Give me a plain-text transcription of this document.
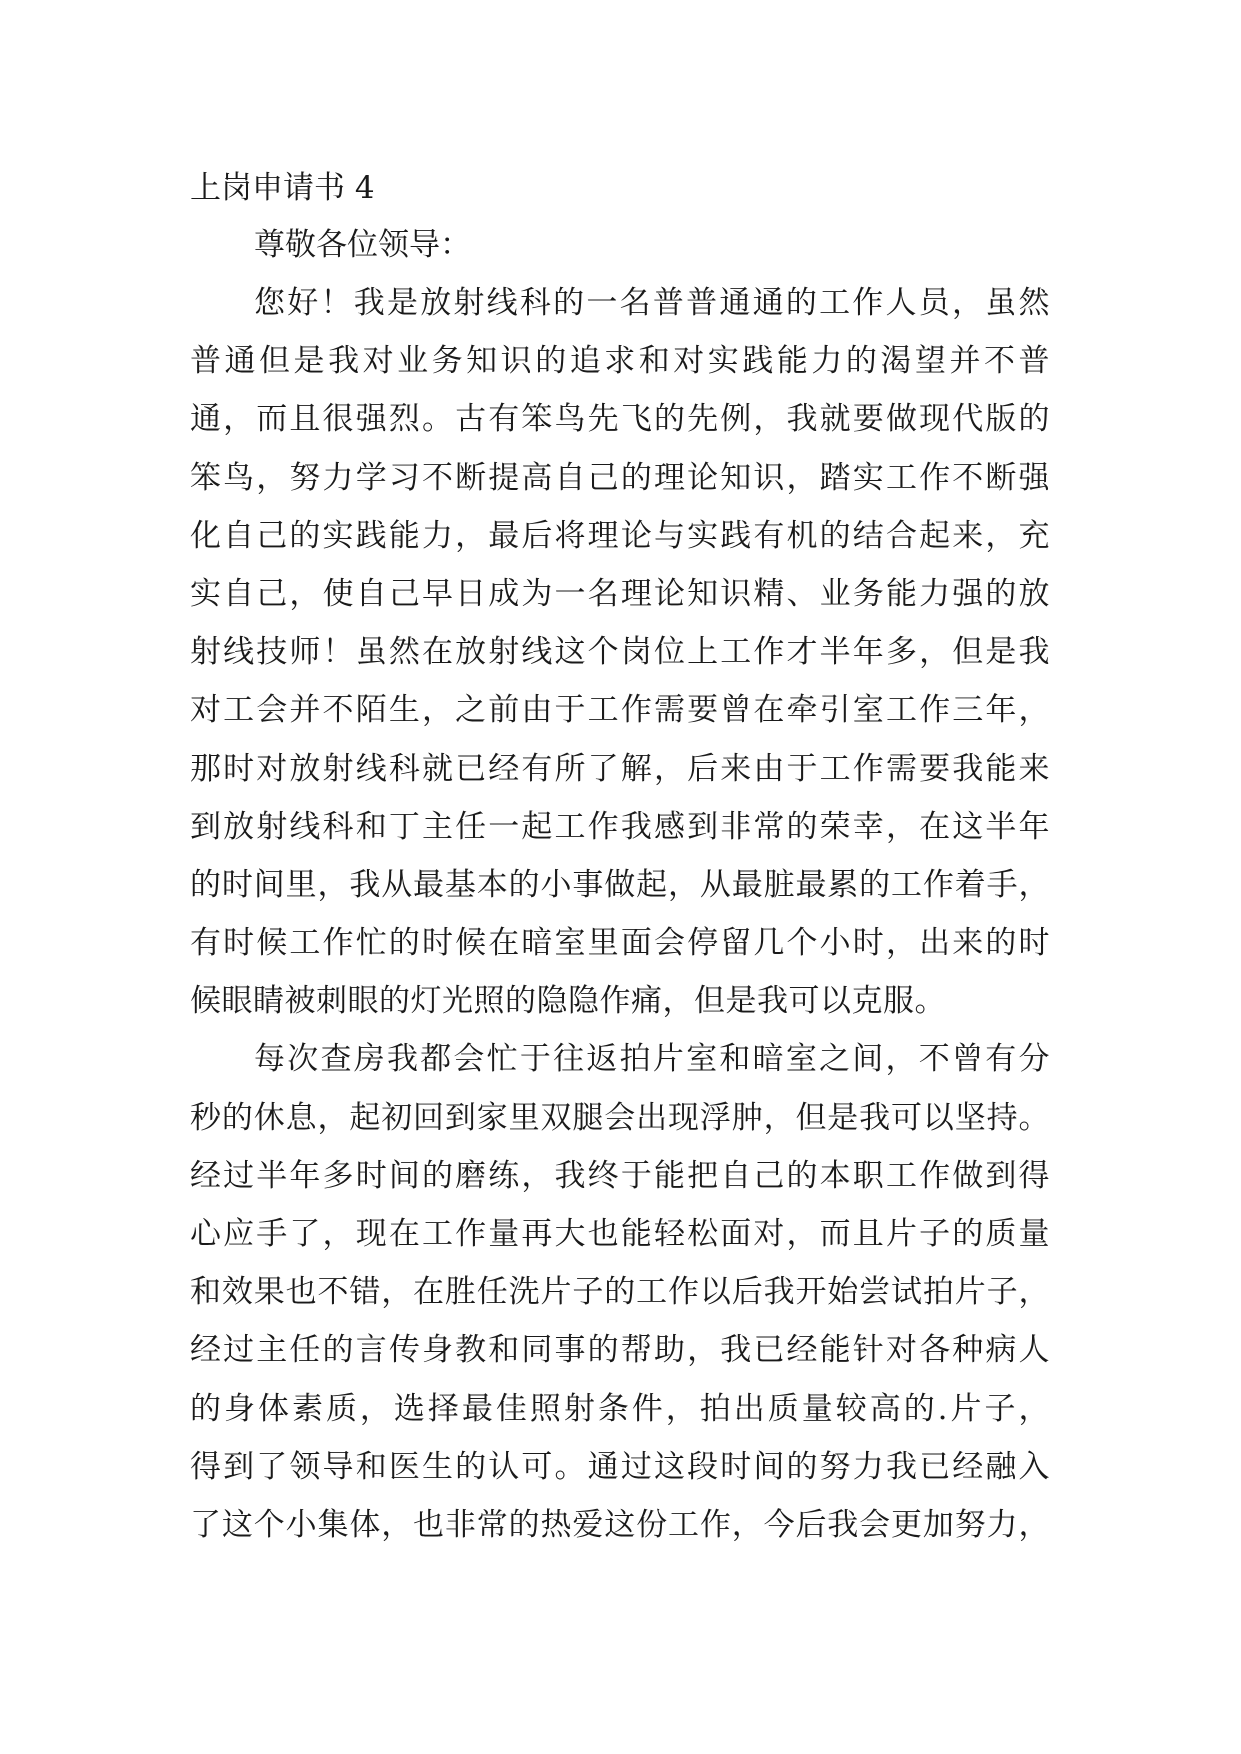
上岗申请书 4
尊敬各位领导：
您好！我是放射线科的一名普普通通的工作人员，虽然
普通但是我对业务知识的追求和对实践能力的渴望并不普
通，而且很强烈。古有笨鸟先飞的先例，我就要做现代版的
笨鸟，努力学习不断提高自己的理论知识，踏实工作不断强
化自己的实践能力，最后将理论与实践有机的结合起来，充
实自己，使自己早日成为一名理论知识精、业务能力强的放
射线技师！虽然在放射线这个岗位上工作才半年多，但是我
对工会并不陌生，之前由于工作需要曾在牵引室工作三年，
那时对放射线科就已经有所了解，后来由于工作需要我能来
到放射线科和丁主任一起工作我感到非常的荣幸，在这半年
的时间里，我从最基本的小事做起，从最脏最累的工作着手，
有时候工作忙的时候在暗室里面会停留几个小时，出来的时
候眼睛被刺眼的灯光照的隐隐作痛，但是我可以克服。
每次查房我都会忙于往返拍片室和暗室之间，不曾有分
秒的休息，起初回到家里双腿会出现浮肿，但是我可以坚持。
经过半年多时间的磨练，我终于能把自己的本职工作做到得
心应手了，现在工作量再大也能轻松面对，而且片子的质量
和效果也不错，在胜任洗片子的工作以后我开始尝试拍片子，
经过主任的言传身教和同事的帮助，我已经能针对各种病人
的身体素质，选择最佳照射条件，拍出质量较高的.片子，
得到了领导和医生的认可。通过这段时间的努力我已经融入
了这个小集体，也非常的热爱这份工作，今后我会更加努力，
